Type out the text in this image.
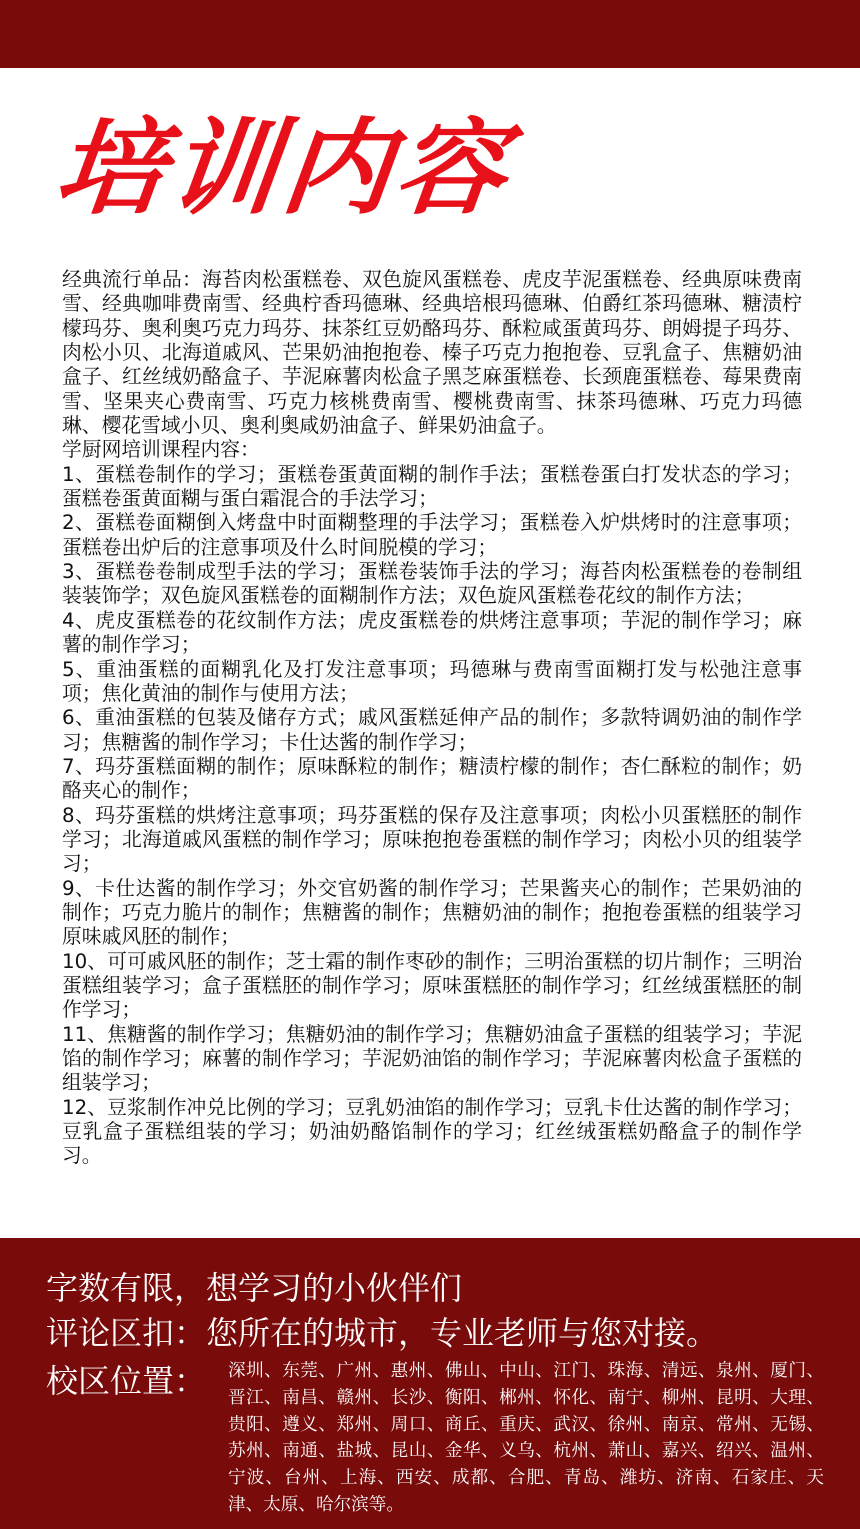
培训内容

经典流行单品：海苔肉松蛋糕卷、双色旋风蛋糕卷、虎皮芋泥蛋糕卷、经典原味费南雪、经典咖啡费南雪、经典柠香玛德琳、经典培根玛德琳、伯爵红茶玛德琳、糖渍柠檬玛芬、奥利奥巧克力玛芬、抹茶红豆奶酪玛芬、酥粒咸蛋黄玛芬、朗姆提子玛芬、肉松小贝、北海道戚风、芒果奶油抱抱卷、榛子巧克力抱抱卷、豆乳盒子、焦糖奶油盒子、红丝绒奶酪盒子、芋泥麻薯肉松盒子黑芝麻蛋糕卷、长颈鹿蛋糕卷、莓果费南雪、坚果夹心费南雪、巧克力核桃费南雪、樱桃费南雪、抹茶玛德琳、巧克力玛德琳、樱花雪域小贝、奥利奥咸奶油盒子、鲜果奶油盒子。

学厨网培训课程内容：

1、蛋糕卷制作的学习；蛋糕卷蛋黄面糊的制作手法；蛋糕卷蛋白打发状态的学习；蛋糕卷蛋黄面糊与蛋白霜混合的手法学习；

2、蛋糕卷面糊倒入烤盘中时面糊整理的手法学习；蛋糕卷入炉烘烤时的注意事项；蛋糕卷出炉后的注意事项及什么时间脱模的学习；

3、蛋糕卷卷制成型手法的学习；蛋糕卷装饰手法的学习；海苔肉松蛋糕卷的卷制组装装饰学；双色旋风蛋糕卷的面糊制作方法；双色旋风蛋糕卷花纹的制作方法；

4、虎皮蛋糕卷的花纹制作方法；虎皮蛋糕卷的烘烤注意事项；芋泥的制作学习；麻薯的制作学习；

5、重油蛋糕的面糊乳化及打发注意事项；玛德琳与费南雪面糊打发与松弛注意事项；焦化黄油的制作与使用方法；

6、重油蛋糕的包装及储存方式；戚风蛋糕延伸产品的制作；多款特调奶油的制作学习；焦糖酱的制作学习；卡仕达酱的制作学习；

7、玛芬蛋糕面糊的制作；原味酥粒的制作；糖渍柠檬的制作；杏仁酥粒的制作；奶酪夹心的制作；

8、玛芬蛋糕的烘烤注意事项；玛芬蛋糕的保存及注意事项；肉松小贝蛋糕胚的制作学习；北海道戚风蛋糕的制作学习；原味抱抱卷蛋糕的制作学习；肉松小贝的组装学习；

9、卡仕达酱的制作学习；外交官奶酱的制作学习；芒果酱夹心的制作；芒果奶油的制作；巧克力脆片的制作；焦糖酱的制作；焦糖奶油的制作；抱抱卷蛋糕的组装学习原味戚风胚的制作；

10、可可戚风胚的制作；芝士霜的制作枣砂的制作；三明治蛋糕的切片制作；三明治蛋糕组装学习；盒子蛋糕胚的制作学习；原味蛋糕胚的制作学习；红丝绒蛋糕胚的制作学习；

11、焦糖酱的制作学习；焦糖奶油的制作学习；焦糖奶油盒子蛋糕的组装学习；芋泥馅的制作学习；麻薯的制作学习；芋泥奶油馅的制作学习；芋泥麻薯肉松盒子蛋糕的组装学习；

12、豆浆制作冲兑比例的学习；豆乳奶油馅的制作学习；豆乳卡仕达酱的制作学习；豆乳盒子蛋糕组装的学习；奶油奶酪馅制作的学习；红丝绒蛋糕奶酪盒子的制作学习。

字数有限，想学习的小伙伴们
评论区扣：您所在的城市，专业老师与您对接。
校区位置： 深圳、东莞、广州、惠州、佛山、中山、江门、珠海、清远、泉州、厦门、晋江、南昌、赣州、长沙、衡阳、郴州、怀化、南宁、柳州、昆明、大理、贵阳、遵义、郑州、周口、商丘、重庆、武汉、徐州、南京、常州、无锡、苏州、南通、盐城、昆山、金华、义乌、杭州、萧山、嘉兴、绍兴、温州、宁波、台州、上海、西安、成都、合肥、青岛、潍坊、济南、石家庄、天津、太原、哈尔滨等。
